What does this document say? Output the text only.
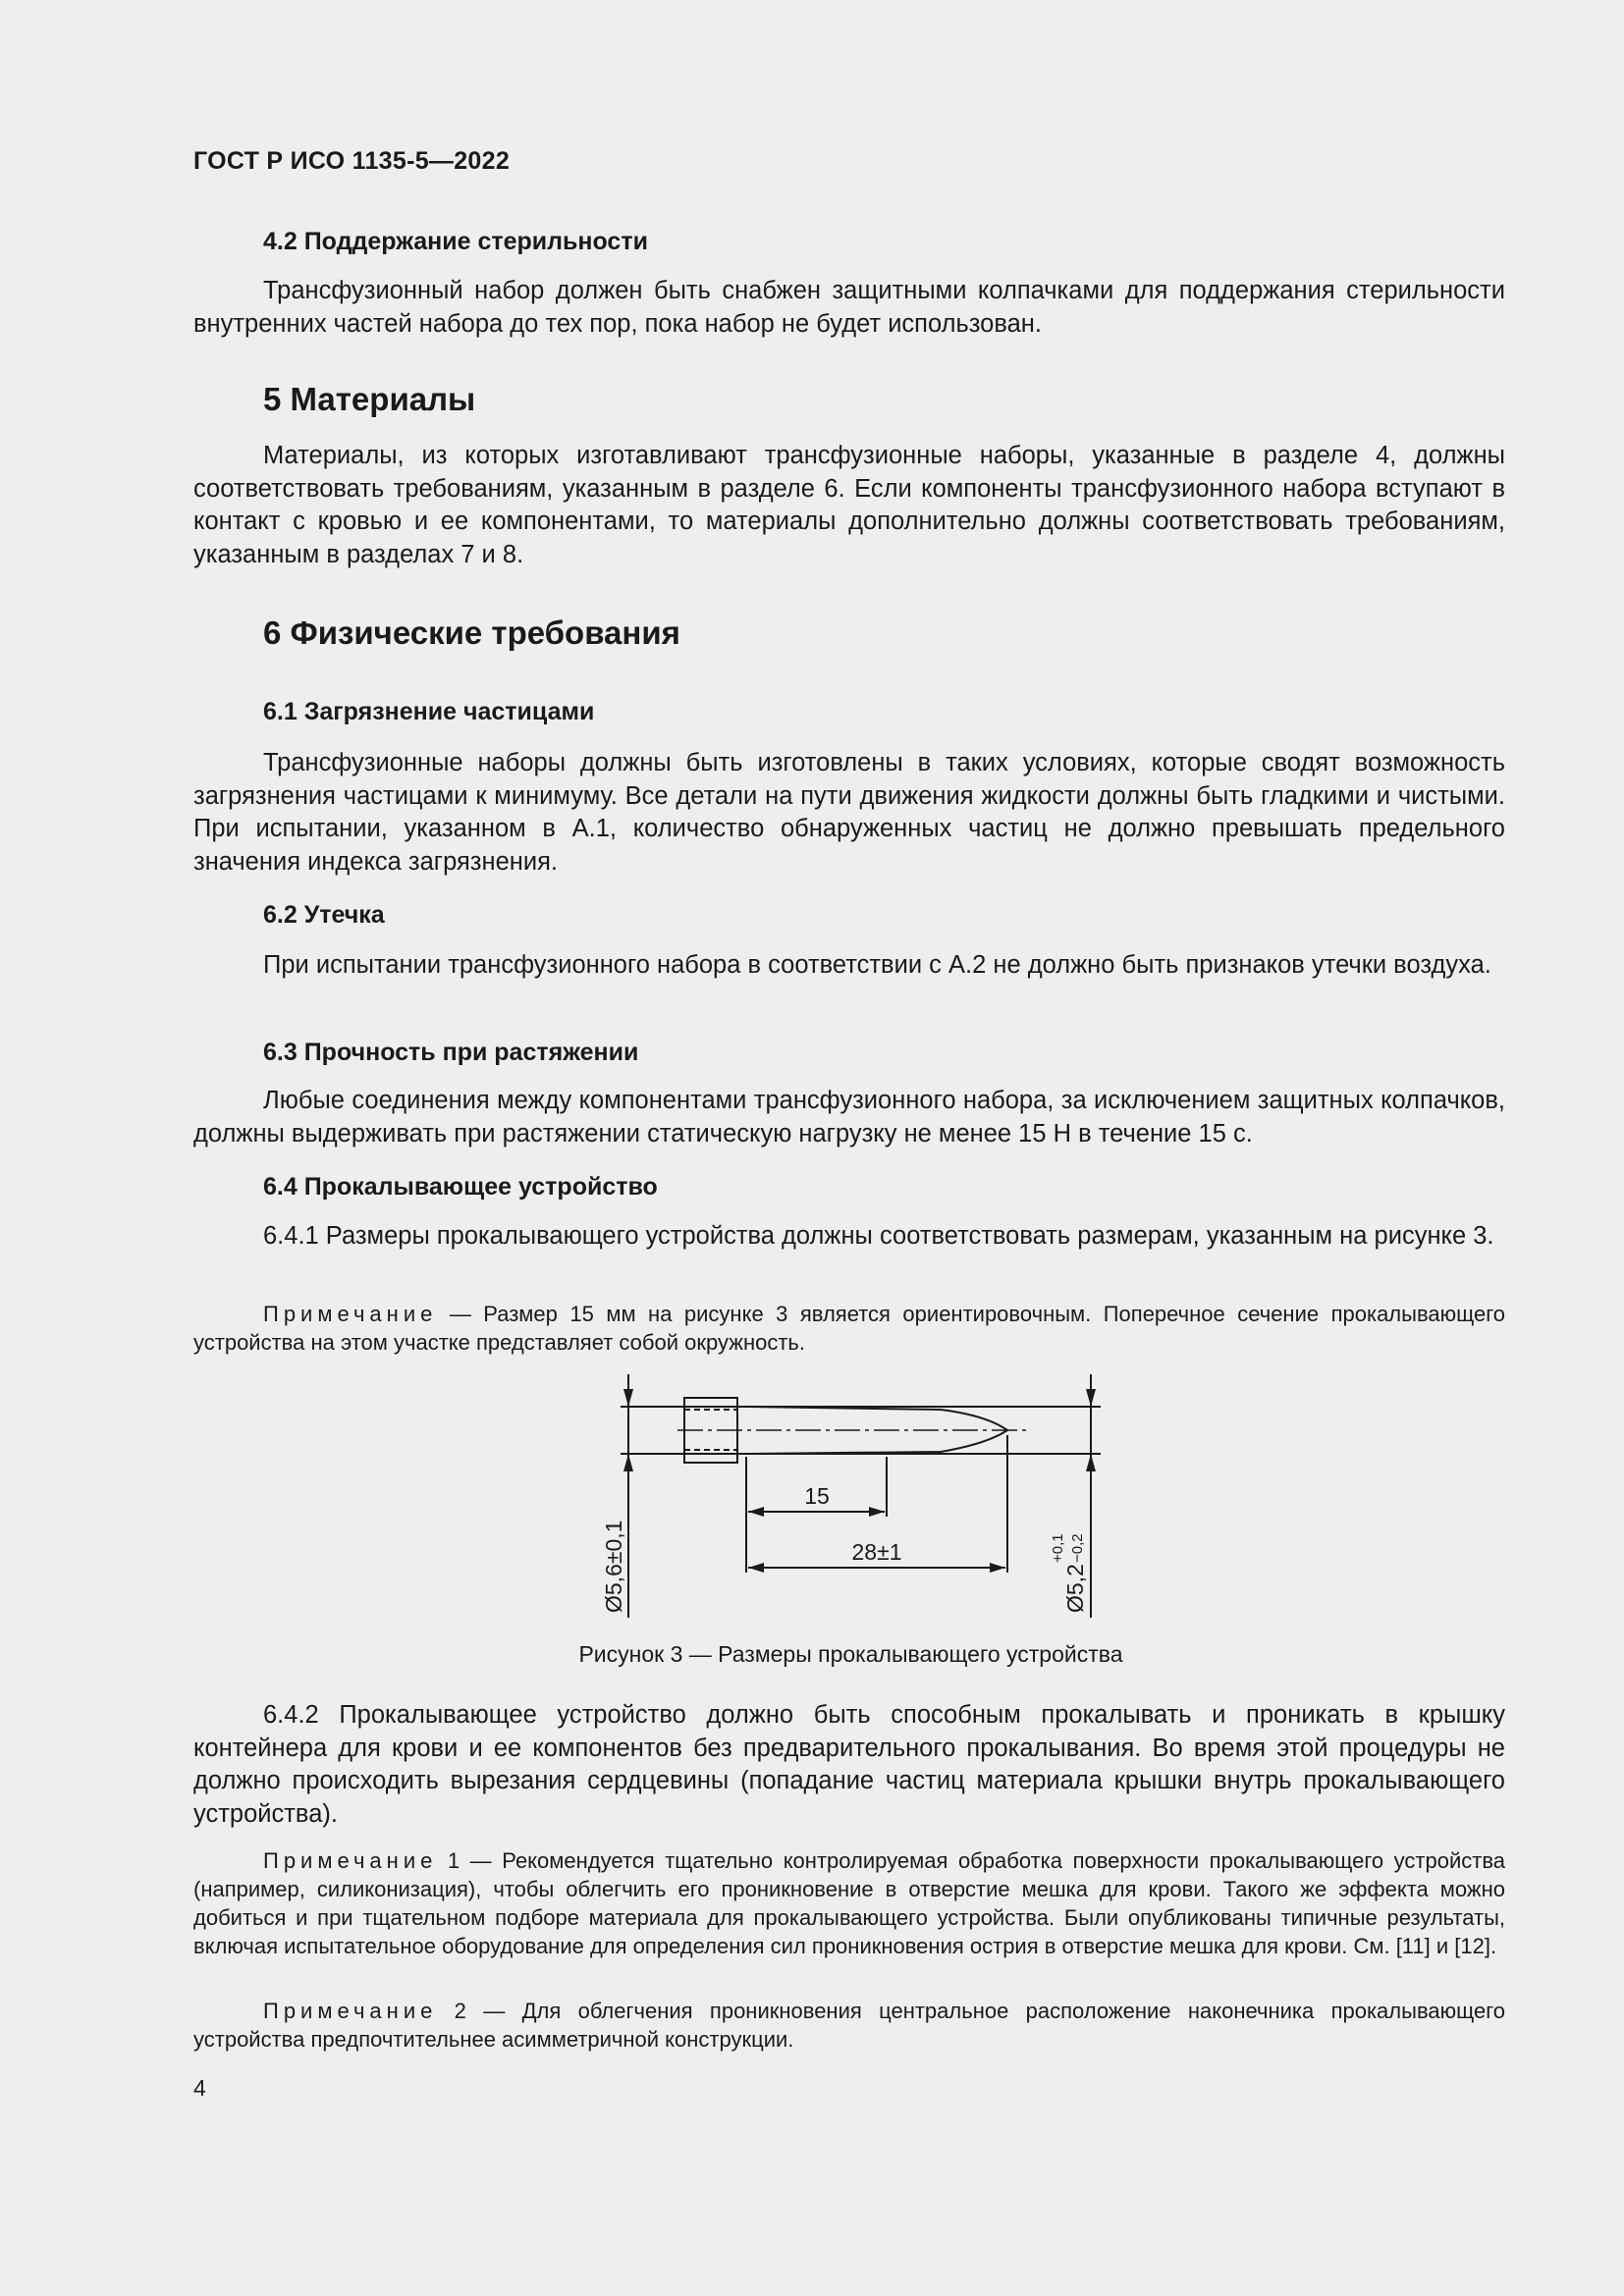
ГОСТ Р ИСО 1135-5—2022

4.2 Поддержание стерильности

Трансфузионный набор должен быть снабжен защитными колпачками для поддержания стерильности внутренних частей набора до тех пор, пока набор не будет использован.

5 Материалы

Материалы, из которых изготавливают трансфузионные наборы, указанные в разделе 4, должны соответствовать требованиям, указанным в разделе 6. Если компоненты трансфузионного набора вступают в контакт с кровью и ее компонентами, то материалы дополнительно должны соответствовать требованиям, указанным в разделах 7 и 8.

6 Физические требования

6.1 Загрязнение частицами

Трансфузионные наборы должны быть изготовлены в таких условиях, которые сводят возможность загрязнения частицами к минимуму. Все детали на пути движения жидкости должны быть гладкими и чистыми. При испытании, указанном в А.1, количество обнаруженных частиц не должно превышать предельного значения индекса загрязнения.

6.2 Утечка

При испытании трансфузионного набора в соответствии с А.2 не должно быть признаков утечки воздуха.

6.3 Прочность при растяжении

Любые соединения между компонентами трансфузионного набора, за исключением защитных колпачков, должны выдерживать при растяжении статическую нагрузку не менее 15 Н в течение 15 с.

6.4 Прокалывающее устройство

6.4.1 Размеры прокалывающего устройства должны соответствовать размерам, указанным на рисунке 3.

Примечание — Размер 15 мм на рисунке 3 является ориентировочным. Поперечное сечение прокалывающего устройства на этом участке представляет собой окружность.

15
28±1
Ø5,6±0,1	Ø5,2
+0,1 −0,2

Рисунок 3 — Размеры прокалывающего устройства

6.4.2 Прокалывающее устройство должно быть способным прокалывать и проникать в крышку контейнера для крови и ее компонентов без предварительного прокалывания. Во время этой процедуры не должно происходить вырезания сердцевины (попадание частиц материала крышки внутрь прокалывающего устройства).

Примечание 1 — Рекомендуется тщательно контролируемая обработка поверхности прокалывающего устройства (например, силиконизация), чтобы облегчить его проникновение в отверстие мешка для крови. Такого же эффекта можно добиться и при тщательном подборе материала для прокалывающего устройства. Были опубликованы типичные результаты, включая испытательное оборудование для определения сил проникновения острия в отверстие мешка для крови. См. [11] и [12].

Примечание 2 — Для облегчения проникновения центральное расположение наконечника прокалывающего устройства предпочтительнее асимметричной конструкции.

4
